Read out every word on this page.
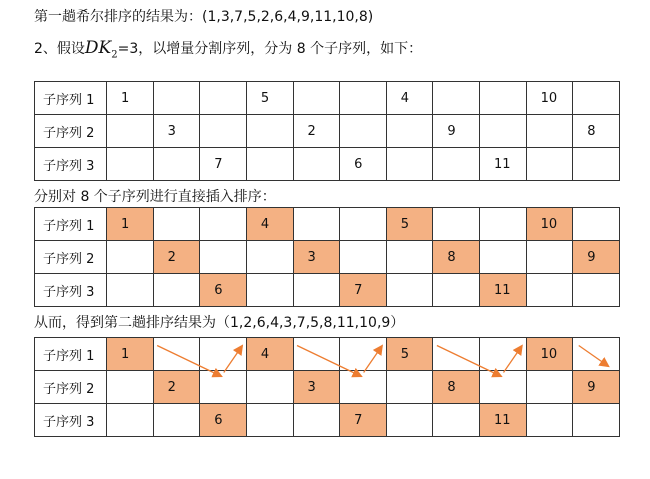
第一趟希尔排序的结果为：(1,3,7,5,2,6,4,9,11,10,8)
2、假设$DK_2=3$，以增量分割序列，分为 8 个子序列，如下：
子序列 1	1			5			4			10	
子序列 2		3			2			9			8
子序列 3			7			6			11		
分别对 8 个子序列进行直接插入排序：
子序列 1	1			4			5			10	
子序列 2		2			3			8			9
子序列 3			6			7			11		
从而，得到第二趟排序结果为（1,2,6,4,3,7,5,8,11,10,9）
子序列 1	1			4			5			10	
子序列 2		2			3			8			9
子序列 3			6			7			11		
